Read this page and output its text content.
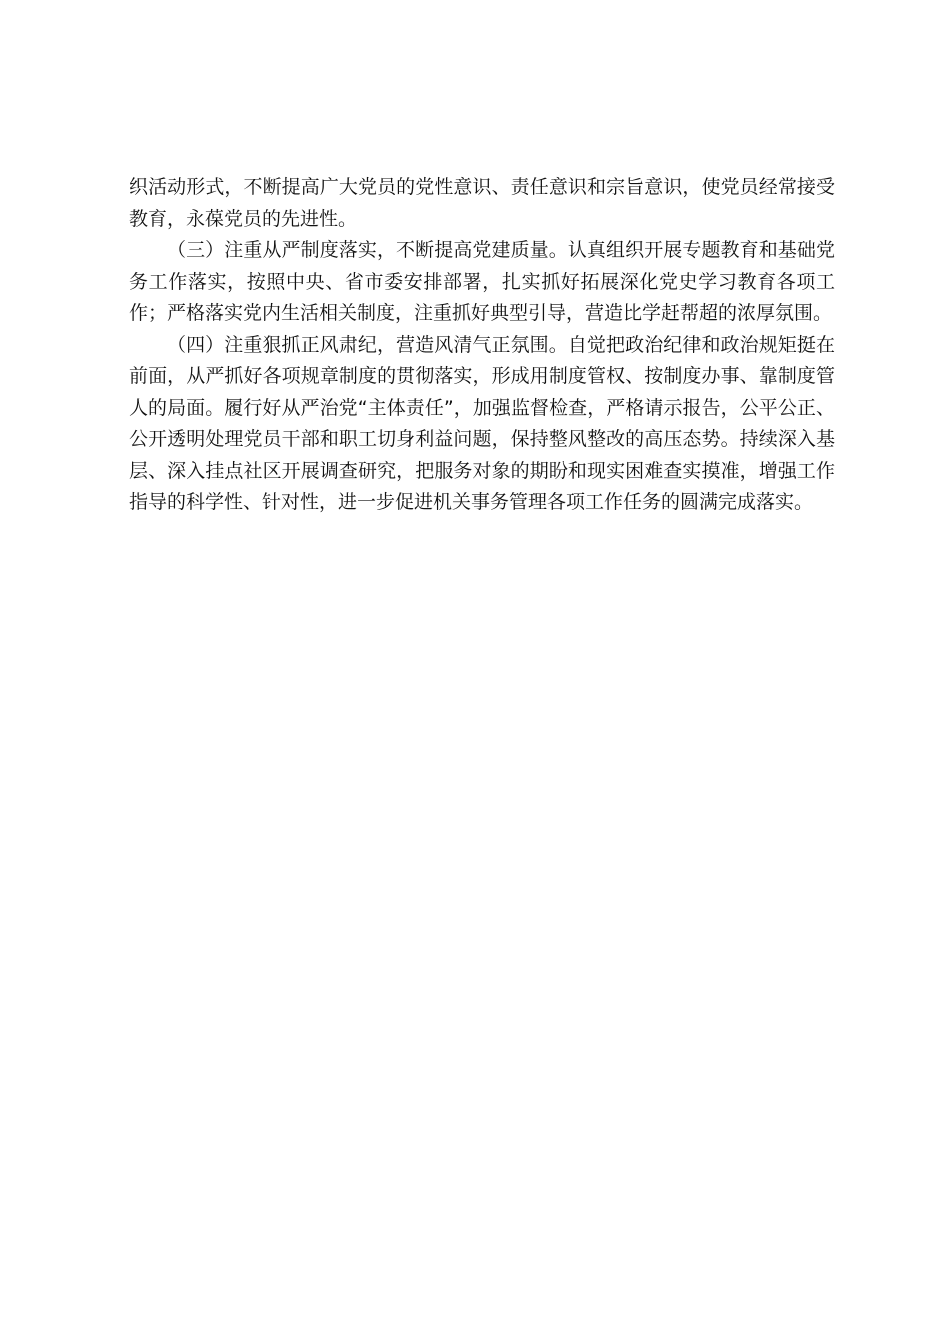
织活动形式，不断提高广大党员的党性意识、责任意识和宗旨意识，使党员经常接受教育，永葆党员的先进性。

（三）注重从严制度落实，不断提高党建质量。认真组织开展专题教育和基础党务工作落实，按照中央、省市委安排部署，扎实抓好拓展深化党史学习教育各项工作；严格落实党内生活相关制度，注重抓好典型引导，营造比学赶帮超的浓厚氛围。

（四）注重狠抓正风肃纪，营造风清气正氛围。自觉把政治纪律和政治规矩挺在前面，从严抓好各项规章制度的贯彻落实，形成用制度管权、按制度办事、靠制度管人的局面。履行好从严治党“主体责任”，加强监督检查，严格请示报告，公平公正、公开透明处理党员干部和职工切身利益问题，保持整风整改的高压态势。持续深入基层、深入挂点社区开展调查研究，把服务对象的期盼和现实困难查实摸准，增强工作指导的科学性、针对性，进一步促进机关事务管理各项工作任务的圆满完成落实。
